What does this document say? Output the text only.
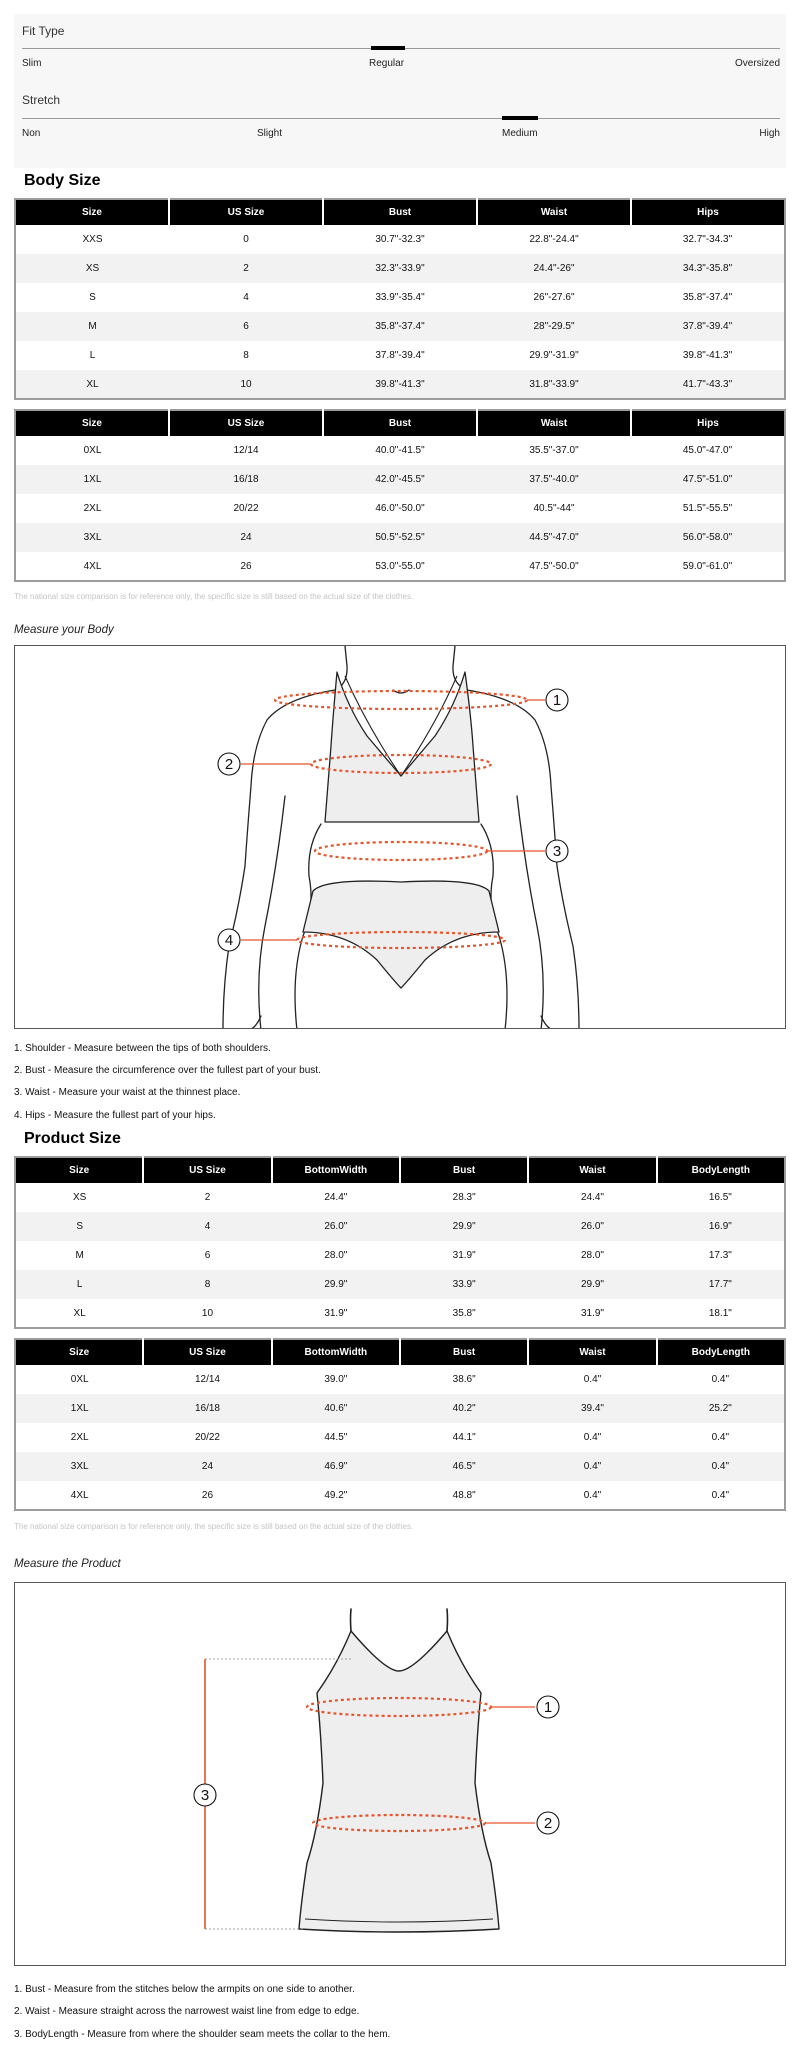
Fit Type
Slim	Regular	Oversized
Stretch
Non	Slight	Medium	High
Body Size
Size	US Size	Bust	Waist	Hips
XXS	0	30.7"-32.3"	22.8"-24.4"	32.7"-34.3"
XS	2	32.3"-33.9"	24.4"-26"	34.3"-35.8"
S	4	33.9"-35.4"	26"-27.6"	35.8"-37.4"
M	6	35.8"-37.4"	28"-29.5"	37.8"-39.4"
L	8	37.8"-39.4"	29.9"-31.9"	39.8"-41.3"
XL	10	39.8"-41.3"	31.8"-33.9"	41.7"-43.3"
Size	US Size	Bust	Waist	Hips
0XL	12/14	40.0"-41.5"	35.5"-37.0"	45.0"-47.0"
1XL	16/18	42.0"-45.5"	37.5"-40.0"	47.5"-51.0"
2XL	20/22	46.0"-50.0"	40.5"-44"	51.5"-55.5"
3XL	24	50.5"-52.5"	44.5"-47.0"	56.0"-58.0"
4XL	26	53.0"-55.0"	47.5"-50.0"	59.0"-61.0"
The national size comparison is for reference only, the specific size is still based on the actual size of the clothes.
Measure your Body
1
2
3
4
1. Shoulder - Measure between the tips of both shoulders.
2. Bust - Measure the circumference over the fullest part of your bust.
3. Waist - Measure your waist at the thinnest place.
4. Hips - Measure the fullest part of your hips.
Product Size
Size	US Size	BottomWidth	Bust	Waist	BodyLength
XS	2	24.4"	28.3"	24.4"	16.5"
S	4	26.0"	29.9"	26.0"	16.9"
M	6	28.0"	31.9"	28.0"	17.3"
L	8	29.9"	33.9"	29.9"	17.7"
XL	10	31.9"	35.8"	31.9"	18.1"
Size	US Size	BottomWidth	Bust	Waist	BodyLength
0XL	12/14	39.0"	38.6"	0.4"	0.4"
1XL	16/18	40.6"	40.2"	39.4"	25.2"
2XL	20/22	44.5"	44.1"	0.4"	0.4"
3XL	24	46.9"	46.5"	0.4"	0.4"
4XL	26	49.2"	48.8"	0.4"	0.4"
The national size comparison is for reference only, the specific size is still based on the actual size of the clothes.
Measure the Product
1
2
3
1. Bust - Measure from the stitches below the armpits on one side to another.
2. Waist - Measure straight across the narrowest waist line from edge to edge.
3. BodyLength - Measure from where the shoulder seam meets the collar to the hem.
